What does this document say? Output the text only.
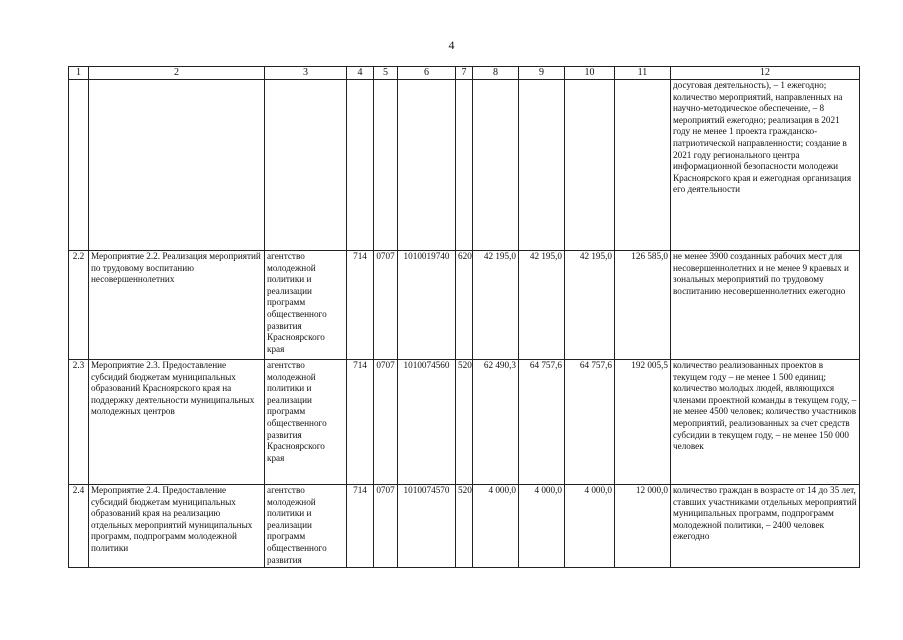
4
1	2	3	4	5	6	7	8	9	10	11	12
											досуговая деятельность), – 1 ежегодно; количество мероприятий, направленных на научно-методическое обеспечение, – 8 мероприятий ежегодно; реализация в 2021 году не менее 1 проекта гражданско-патриотической направленности; создание в 2021 году регионального центра информационной безопасности молодежи Красноярского края и ежегодная организация его деятельности
2.2	Мероприятие 2.2. Реализация мероприятий по трудовому воспитанию несовершеннолетних	агентство молодежной политики и реализации программ общественного развития Красноярского края	714	0707	1010019740	620	42 195,0	42 195,0	42 195,0	126 585,0	не менее 3900 созданных рабочих мест для несовершеннолетних и не менее 9 краевых и зональных мероприятий по трудовому воспитанию несовершеннолетних ежегодно
2.3	Мероприятие 2.3. Предоставление субсидий бюджетам муниципальных образований Красноярского края на поддержку деятельности муниципальных молодежных центров	агентство молодежной политики и реализации программ общественного развития Красноярского края	714	0707	1010074560	520	62 490,3	64 757,6	64 757,6	192 005,5	количество реализованных проектов в текущем году – не менее 1 500 единиц; количество молодых людей, являющихся членами проектной команды в текущем году, – не менее 4500 человек; количество участников мероприятий, реализованных за счет средств субсидии в текущем году, – не менее 150 000 человек
2.4	Мероприятие 2.4. Предоставление субсидий бюджетам муниципальных образований края на реализацию отдельных мероприятий муниципальных программ, подпрограмм молодежной политики	агентство молодежной политики и реализации программ общественного развития	714	0707	1010074570	520	4 000,0	4 000,0	4 000,0	12 000,0	количество граждан в возрасте от 14 до 35 лет, ставших участниками отдельных мероприятий муниципальных программ, подпрограмм молодежной политики, – 2400 человек ежегодно
